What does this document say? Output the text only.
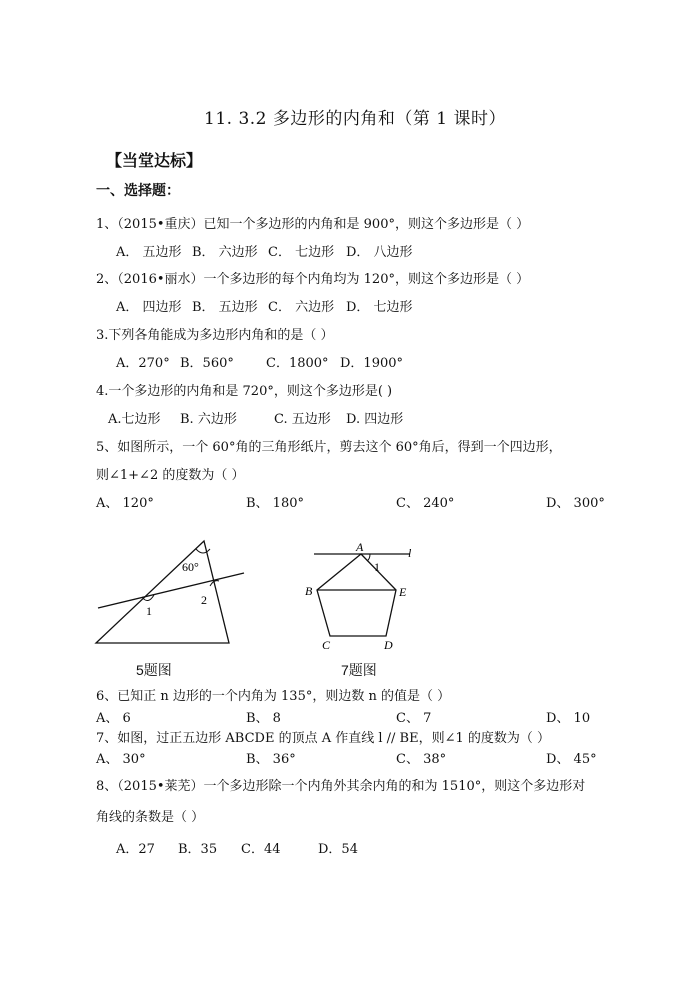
11. 3.2 多边形的内角和（第 1 课时）
【当堂达标】
一、选择题：
1、（2015•重庆）已知一个多边形的内角和是 900°，则这个多边形是（ ）
A． 五边形 B． 六边形 C． 七边形 D． 八边形
2、（2016•丽水）一个多边形的每个内角均为 120°，则这个多边形是（ ）
A． 四边形 B． 五边形 C． 六边形 D． 七边形
3.下列各角能成为多边形内角和的是（ ）
A．270° B．560° C．1800° D．1900°
4.一个多边形的内角和是 720°，则这个多边形是( )
A.七边形 B. 六边形	C. 五边形 D. 四边形
5、如图所示，一个 60°角的三角形纸片，剪去这个 60°角后，得到一个四边形，
则∠1+∠2 的度数为（ ）
A、 120°	B、 180°	C、 240°	D、 300°
60°
1
2
5题图
A	l
1
B	E
C	D
7题图
6、已知正 n 边形的一个内角为 135°，则边数 n 的值是（ ）
A、 6	B、 8	C、 7	D、 10
7、如图，过正五边形 ABCDE 的顶点 A 作直线 l // BE，则∠1 的度数为（ ）
A、 30°	B、 36°	C、 38°	D、 45°
8、（2015•莱芜）一个多边形除一个内角外其余内角的和为 1510°，则这个多边形对
角线的条数是（ ）
A．27 B．35 C．44	D．54
